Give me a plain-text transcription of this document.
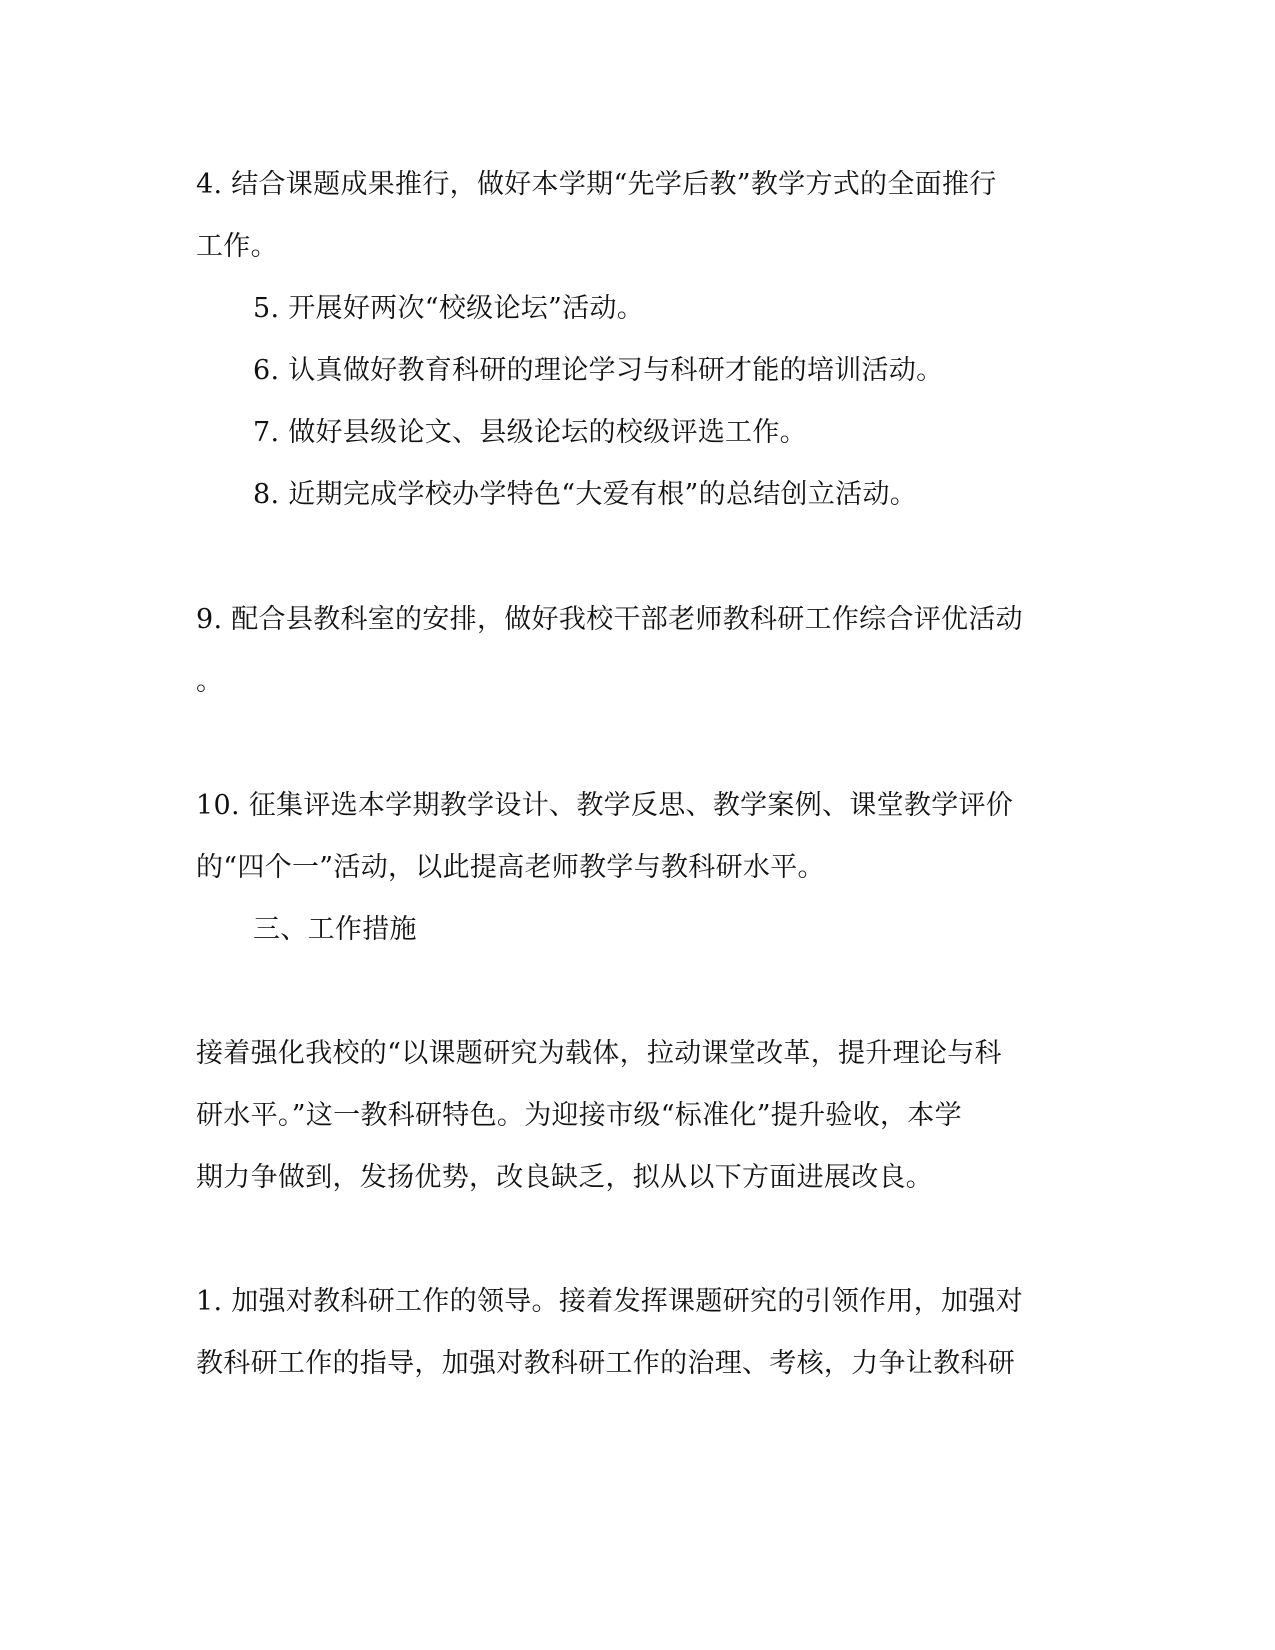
4. 结合课题成果推行，做好本学期“先学后教”教学方式的全面推行
工作。
5. 开展好两次“校级论坛”活动。
6. 认真做好教育科研的理论学习与科研才能的培训活动。
7. 做好县级论文、县级论坛的校级评选工作。
8. 近期完成学校办学特色“大爱有根”的总结创立活动。
9. 配合县教科室的安排，做好我校干部老师教科研工作综合评优活动
。
10. 征集评选本学期教学设计、教学反思、教学案例、课堂教学评价
的“四个一”活动，以此提高老师教学与教科研水平。
三、工作措施
接着强化我校的“以课题研究为载体，拉动课堂改革，提升理论与科
研水平。”这一教科研特色。为迎接市级“标准化”提升验收，本学
期力争做到，发扬优势，改良缺乏，拟从以下方面进展改良。
1. 加强对教科研工作的领导。接着发挥课题研究的引领作用，加强对
教科研工作的指导，加强对教科研工作的治理、考核，力争让教科研
